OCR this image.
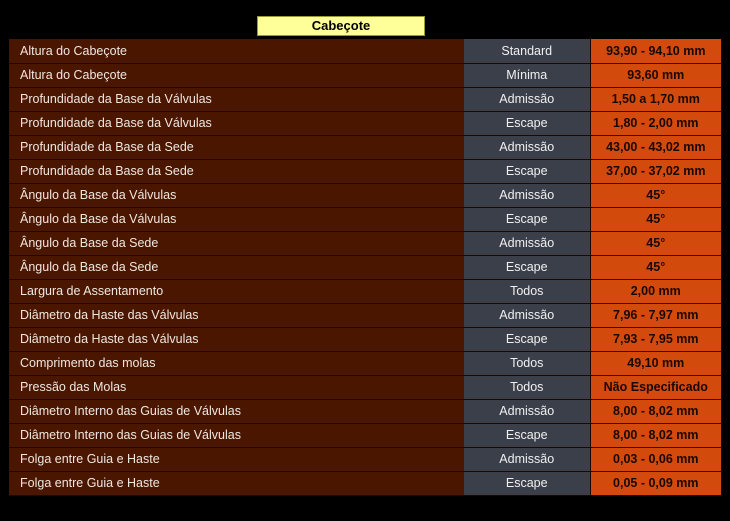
Cabeçote
Altura do Cabeçote	Standard	93,90 - 94,10 mm
Altura do Cabeçote	Mínima	93,60 mm
Profundidade da Base da Válvulas	Admissão	1,50 a 1,70 mm
Profundidade da Base da Válvulas	Escape	1,80 - 2,00 mm
Profundidade da Base da Sede	Admissão	43,00 - 43,02 mm
Profundidade da Base da Sede	Escape	37,00 - 37,02 mm
Ângulo da Base da Válvulas	Admissão	45°
Ângulo da Base da Válvulas	Escape	45°
Ângulo da Base da Sede	Admissão	45°
Ângulo da Base da Sede	Escape	45°
Largura de Assentamento	Todos	2,00 mm
Diâmetro da Haste das Válvulas	Admissão	7,96 - 7,97 mm
Diâmetro da Haste das Válvulas	Escape	7,93 - 7,95 mm
Comprimento das molas	Todos	49,10 mm
Pressão das Molas	Todos	Não Especificado
Diâmetro Interno das Guias de Válvulas	Admissão	8,00 - 8,02 mm
Diâmetro Interno das Guias de Válvulas	Escape	8,00 - 8,02 mm
Folga entre Guia e Haste	Admissão	0,03 - 0,06 mm
Folga entre Guia e Haste	Escape	0,05 - 0,09 mm
